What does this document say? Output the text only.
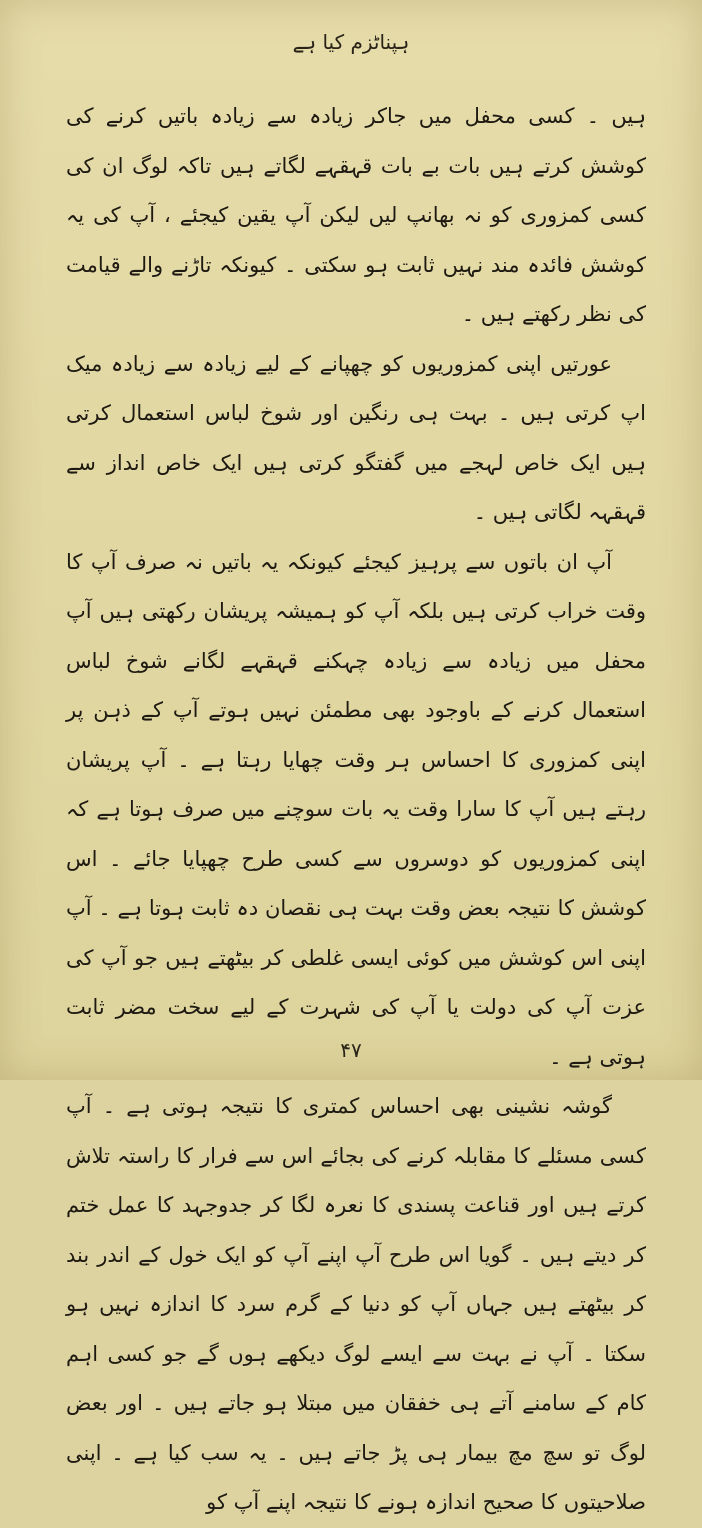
ہپناٹزم کیا ہے

ہیں ۔ کسی محفل میں جاکر زیادہ سے زیادہ باتیں کرنے کی کوشش کرتے ہیں بات بے بات قہقہے لگاتے ہیں تاکہ لوگ ان کی کسی کمزوری کو نہ بھانپ لیں لیکن آپ یقین کیجئے ، آپ کی یہ کوشش فائدہ مند نہیں ثابت ہو سکتی ۔ کیونکہ تاڑنے والے قیامت کی نظر رکھتے ہیں ۔

عورتیں اپنی کمزوریوں کو چھپانے کے لیے زیادہ سے زیادہ میک اپ کرتی ہیں ۔ بہت ہی رنگین اور شوخ لباس استعمال کرتی ہیں ایک خاص لہجے میں گفتگو کرتی ہیں ایک خاص انداز سے قہقہہ لگاتی ہیں ۔

آپ ان باتوں سے پرہیز کیجئے کیونکہ یہ باتیں نہ صرف آپ کا وقت خراب کرتی ہیں بلکہ آپ کو ہمیشہ پریشان رکھتی ہیں آپ محفل میں زیادہ سے زیادہ چہکنے قہقہے لگانے شوخ لباس استعمال کرنے کے باوجود بھی مطمئن نہیں ہوتے آپ کے ذہن پر اپنی کمزوری کا احساس ہر وقت چھایا رہتا ہے ۔ آپ پریشان رہتے ہیں آپ کا سارا وقت یہ بات سوچنے میں صرف ہوتا ہے کہ اپنی کمزوریوں کو دوسروں سے کسی طرح چھپایا جائے ۔ اس کوشش کا نتیجہ بعض وقت بہت ہی نقصان دہ ثابت ہوتا ہے ۔ آپ اپنی اس کوشش میں کوئی ایسی غلطی کر بیٹھتے ہیں جو آپ کی عزت آپ کی دولت یا آپ کی شہرت کے لیے سخت مضر ثابت ہوتی ہے ۔

گوشہ نشینی بھی احساس کمتری کا نتیجہ ہوتی ہے ۔ آپ کسی مسئلے کا مقابلہ کرنے کی بجائے اس سے فرار کا راستہ تلاش کرتے ہیں اور قناعت پسندی کا نعرہ لگا کر جدوجہد کا عمل ختم کر دیتے ہیں ۔ گویا اس طرح آپ اپنے آپ کو ایک خول کے اندر بند کر بیٹھتے ہیں جہاں آپ کو دنیا کے گرم سرد کا اندازہ نہیں ہو سکتا ۔ آپ نے بہت سے ایسے لوگ دیکھے ہوں گے جو کسی اہم کام کے سامنے آتے ہی خفقان میں مبتلا ہو جاتے ہیں ۔ اور بعض لوگ تو سچ مچ بیمار ہی پڑ جاتے ہیں ۔ یہ سب کیا ہے ۔ اپنی صلاحیتوں کا صحیح اندازہ ہونے کا نتیجہ اپنے آپ کو

۴۷
